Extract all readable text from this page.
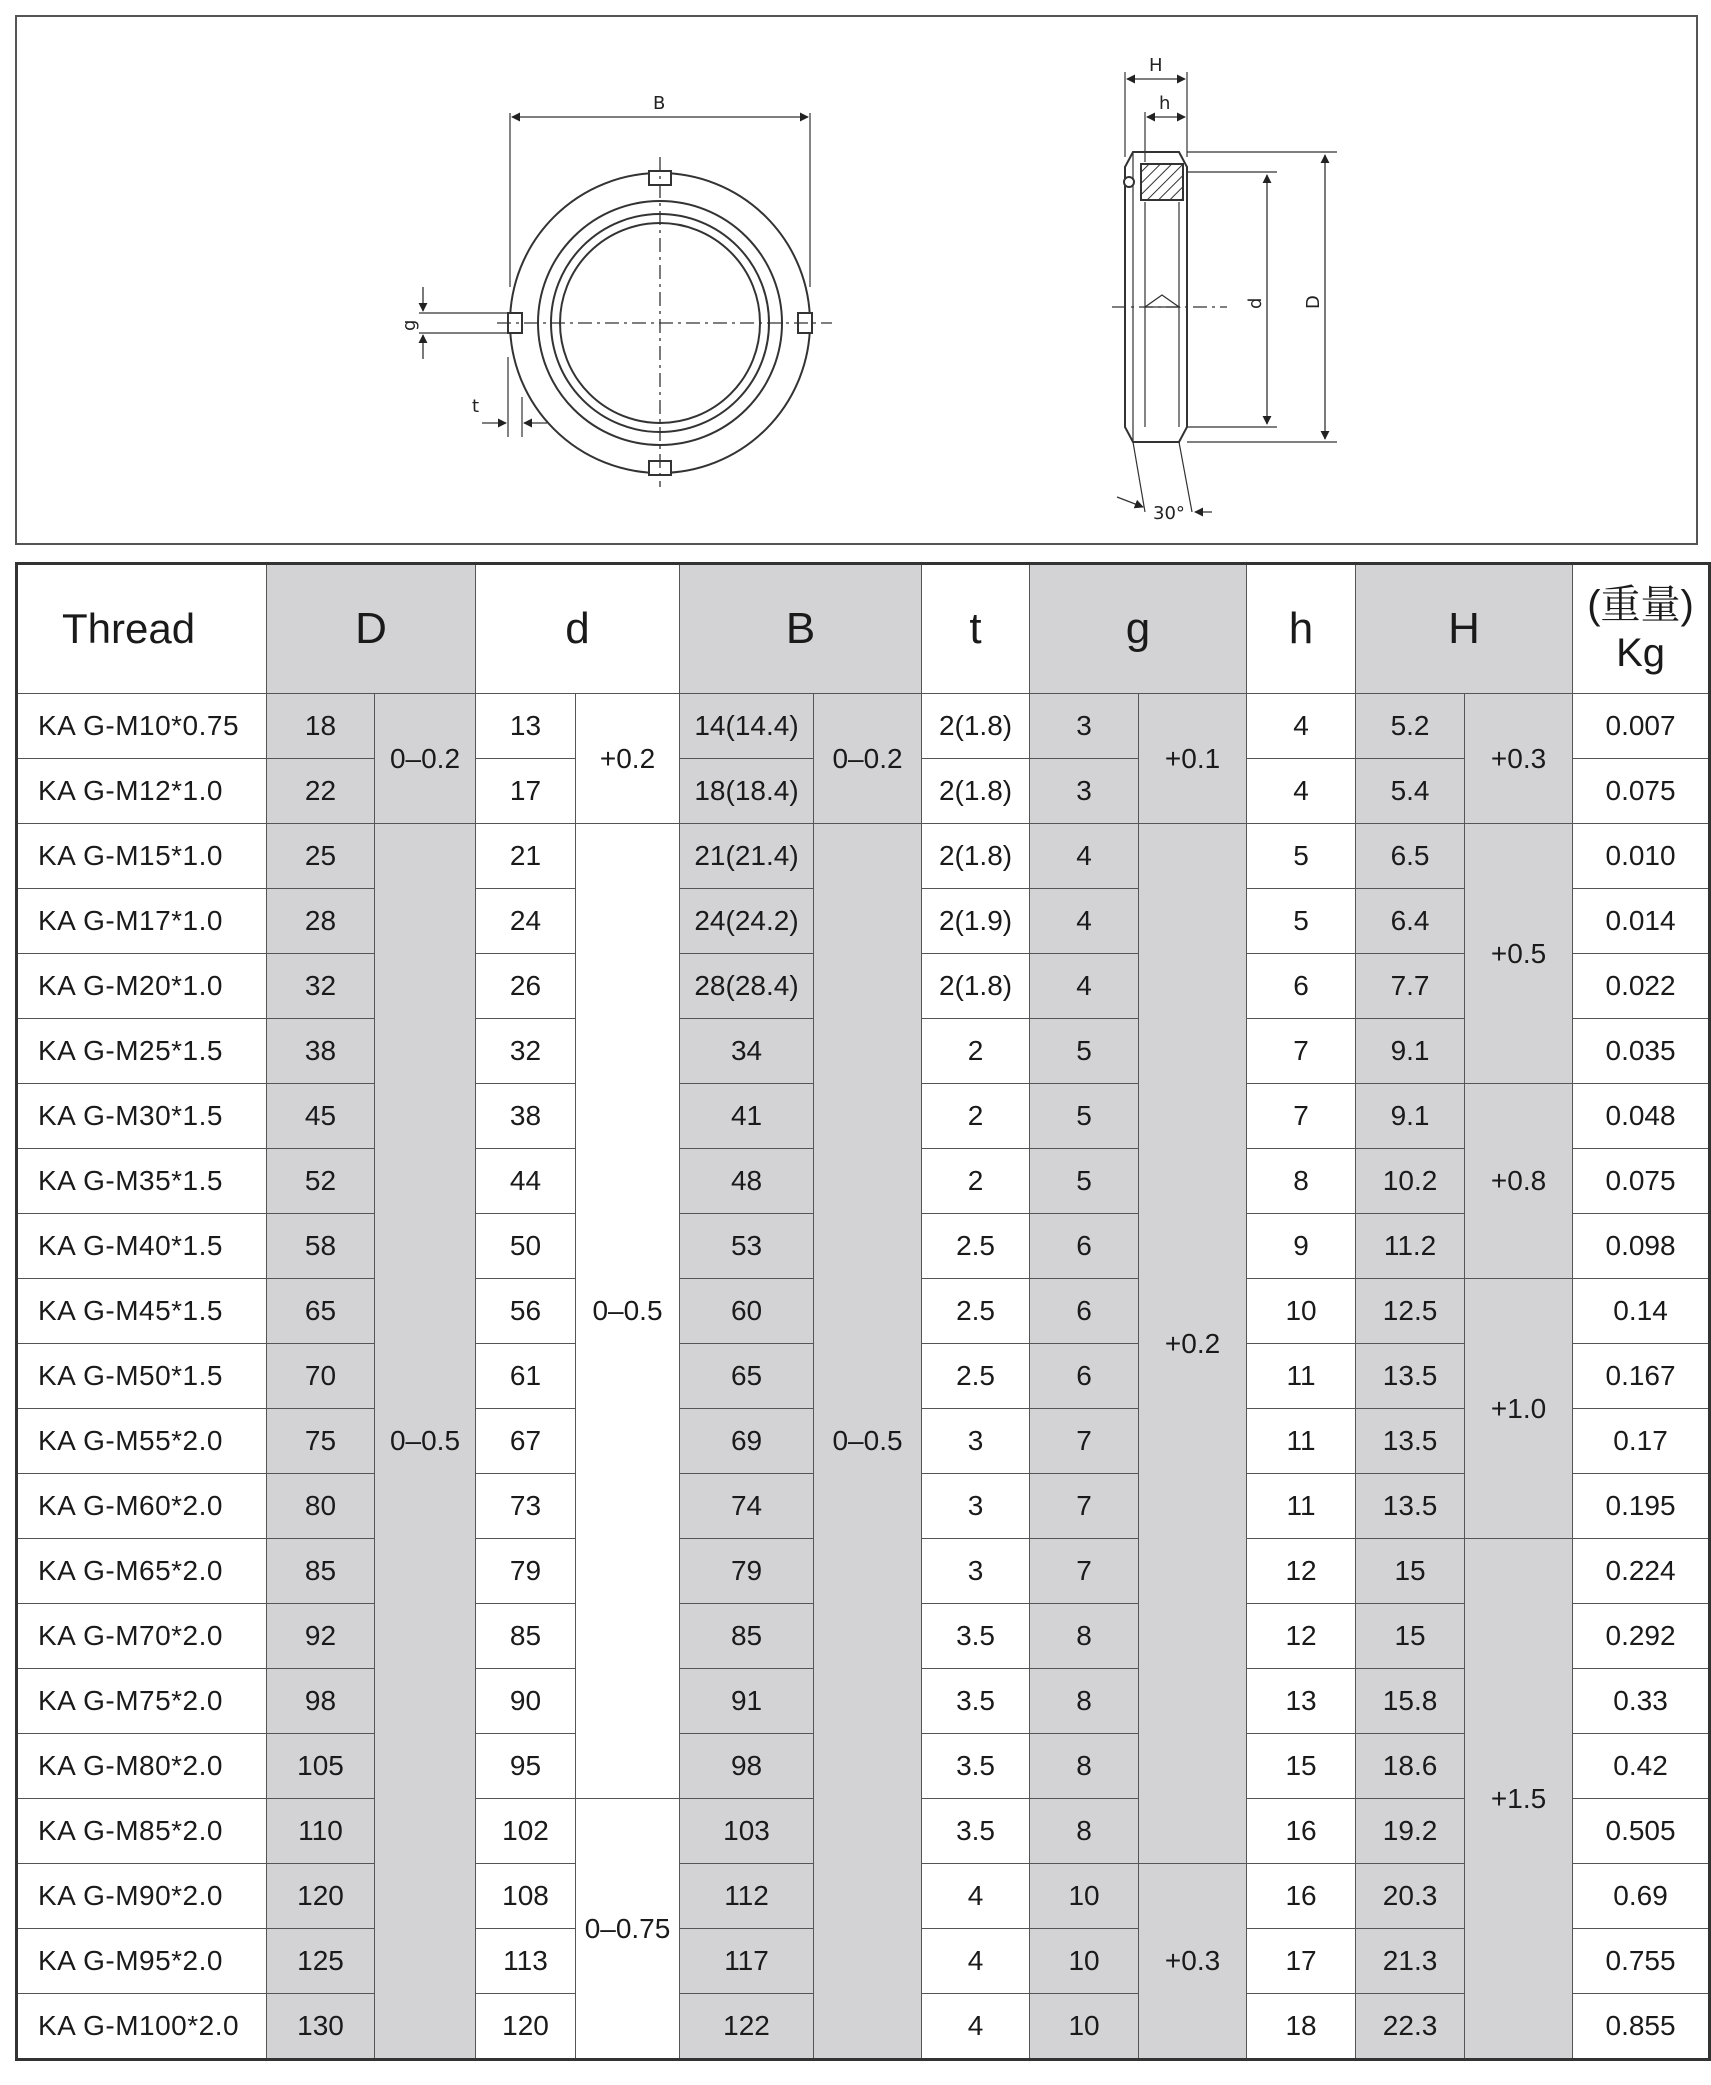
B
g
t
H
h
d D
30°
Thread	D		d		B		t	g		h	H		(重量)
Kg

KA G-M10*0.75	18	0–0.2	13	+0.2	14(14.4)	0–0.2	2(1.8)	3	+0.1	4	5.2	+0.3	0.007
KA G-M12*1.0	22		17		18(18.4)		2(1.8)	3		4	5.4		0.075
KA G-M15*1.0	25	0–0.5	21	0–0.5	21(21.4)	0–0.5	2(1.8)	4	+0.2	5	6.5	+0.5	0.010
KA G-M17*1.0	28		24		24(24.2)		2(1.9)	4		5	6.4		0.014
KA G-M20*1.0	32		26		28(28.4)		2(1.8)	4		6	7.7		0.022
KA G-M25*1.5	38		32		34		2	5		7	9.1		0.035
KA G-M30*1.5	45		38		41		2	5		7	9.1	+0.8	0.048
KA G-M35*1.5	52		44		48		2	5		8	10.2		0.075
KA G-M40*1.5	58		50		53		2.5	6		9	11.2		0.098
KA G-M45*1.5	65		56		60		2.5	6		10	12.5	+1.0	0.14
KA G-M50*1.5	70		61		65		2.5	6		11	13.5		0.167
KA G-M55*2.0	75		67		69		3	7		11	13.5		0.17
KA G-M60*2.0	80		73		74		3	7		11	13.5		0.195
KA G-M65*2.0	85		79		79		3	7		12	15	+1.5	0.224
KA G-M70*2.0	92		85		85		3.5	8		12	15		0.292
KA G-M75*2.0	98		90		91		3.5	8		13	15.8		0.33
KA G-M80*2.0	105		95		98		3.5	8		15	18.6		0.42
KA G-M85*2.0	110		102	0–0.75	103		3.5	8		16	19.2		0.505
KA G-M90*2.0	120		108		112		4	10	+0.3	16	20.3		0.69
KA G-M95*2.0	125		113		117		4	10		17	21.3		0.755
KA G-M100*2.0	130		120		122		4	10		18	22.3		0.855
